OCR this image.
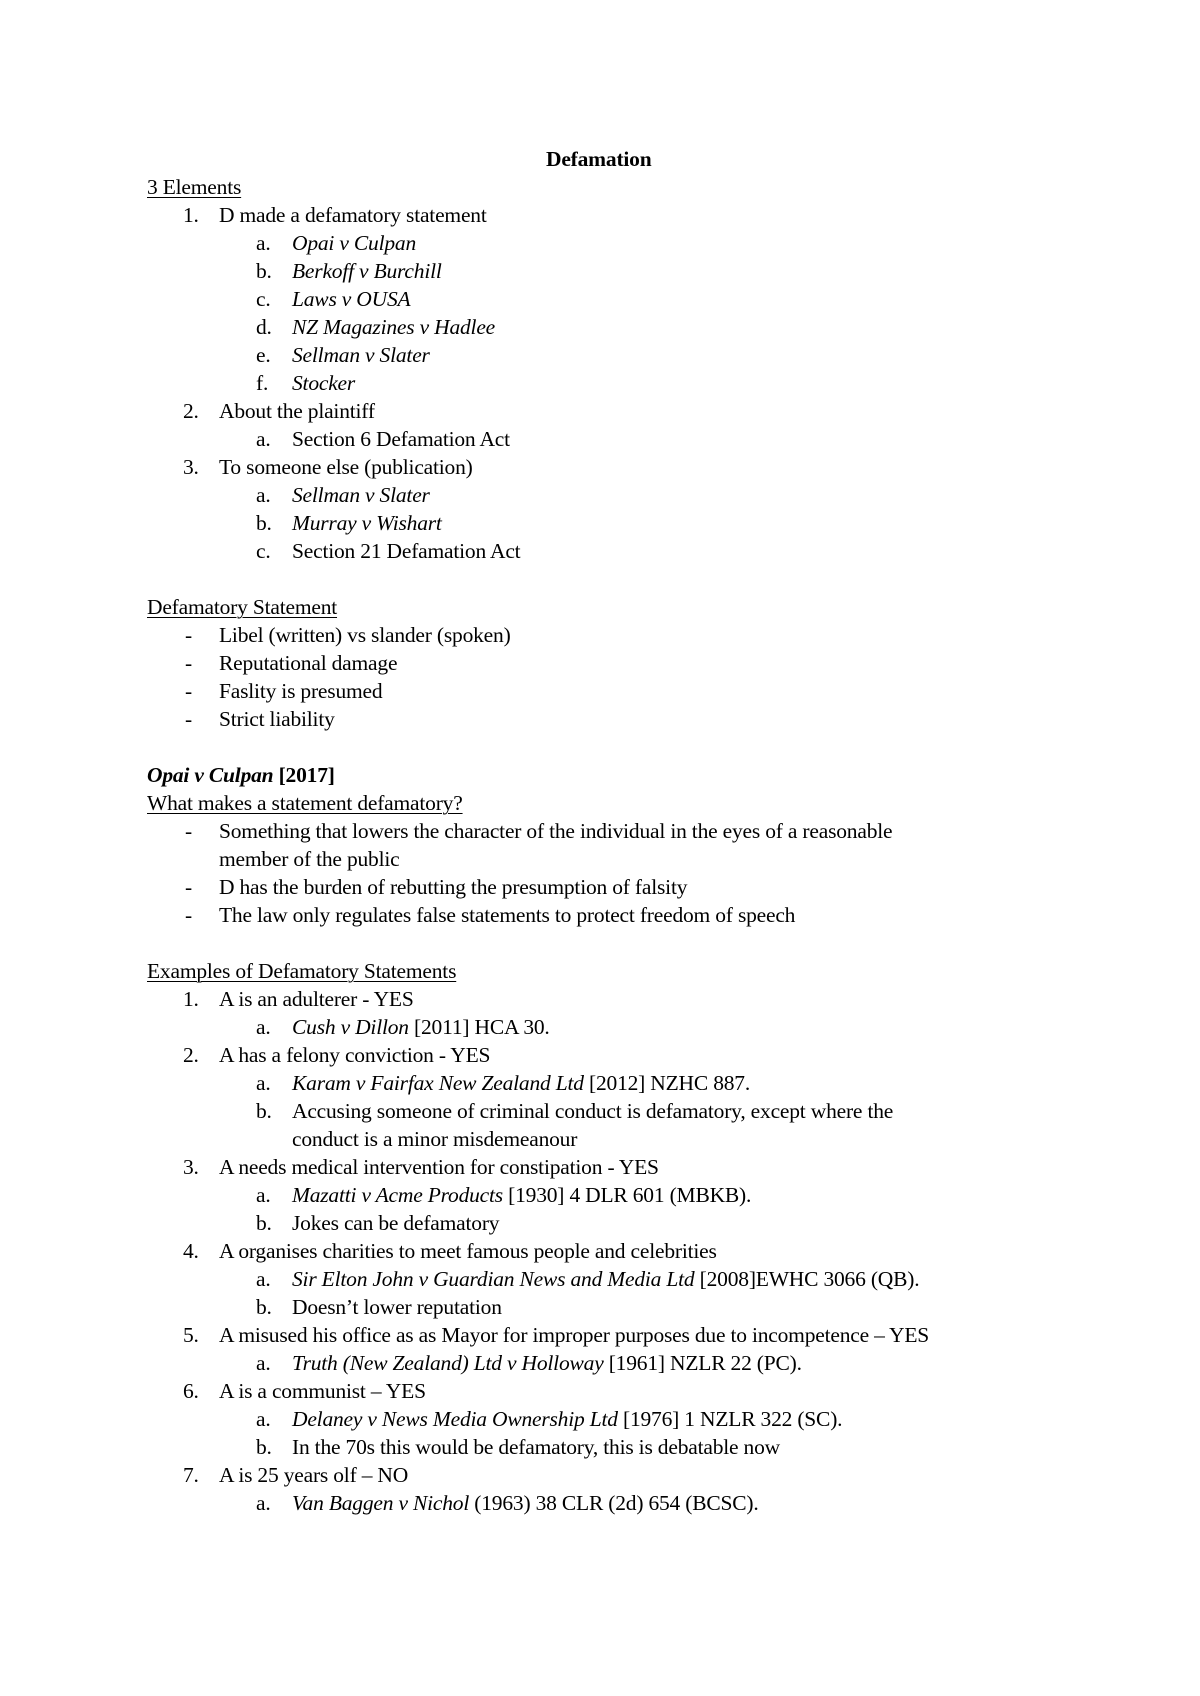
Defamation
3 Elements
1. D made a defamatory statement
a. Opai v Culpan
b. Berkoff v Burchill
c. Laws v OUSA
d. NZ Magazines v Hadlee
e. Sellman v Slater
f. Stocker
2. About the plaintiff
a. Section 6 Defamation Act
3. To someone else (publication)
a. Sellman v Slater
b. Murray v Wishart
c. Section 21 Defamation Act
Defamatory Statement
- Libel (written) vs slander (spoken)
- Reputational damage
- Faslity is presumed
- Strict liability
Opai v Culpan [2017]
What makes a statement defamatory?
- Something that lowers the character of the individual in the eyes of a reasonable
member of the public
- D has the burden of rebutting the presumption of falsity
- The law only regulates false statements to protect freedom of speech
Examples of Defamatory Statements
1. A is an adulterer - YES
a. Cush v Dillon [2011] HCA 30.
2. A has a felony conviction - YES
a. Karam v Fairfax New Zealand Ltd [2012] NZHC 887.
b. Accusing someone of criminal conduct is defamatory, except where the
conduct is a minor misdemeanour
3. A needs medical intervention for constipation - YES
a. Mazatti v Acme Products [1930] 4 DLR 601 (MBKB).
b. Jokes can be defamatory
4. A organises charities to meet famous people and celebrities
a. Sir Elton John v Guardian News and Media Ltd [2008]EWHC 3066 (QB).
b. Doesn’t lower reputation
5. A misused his office as as Mayor for improper purposes due to incompetence – YES
a. Truth (New Zealand) Ltd v Holloway [1961] NZLR 22 (PC).
6. A is a communist – YES
a. Delaney v News Media Ownership Ltd [1976] 1 NZLR 322 (SC).
b. In the 70s this would be defamatory, this is debatable now
7. A is 25 years olf – NO
a. Van Baggen v Nichol (1963) 38 CLR (2d) 654 (BCSC).
